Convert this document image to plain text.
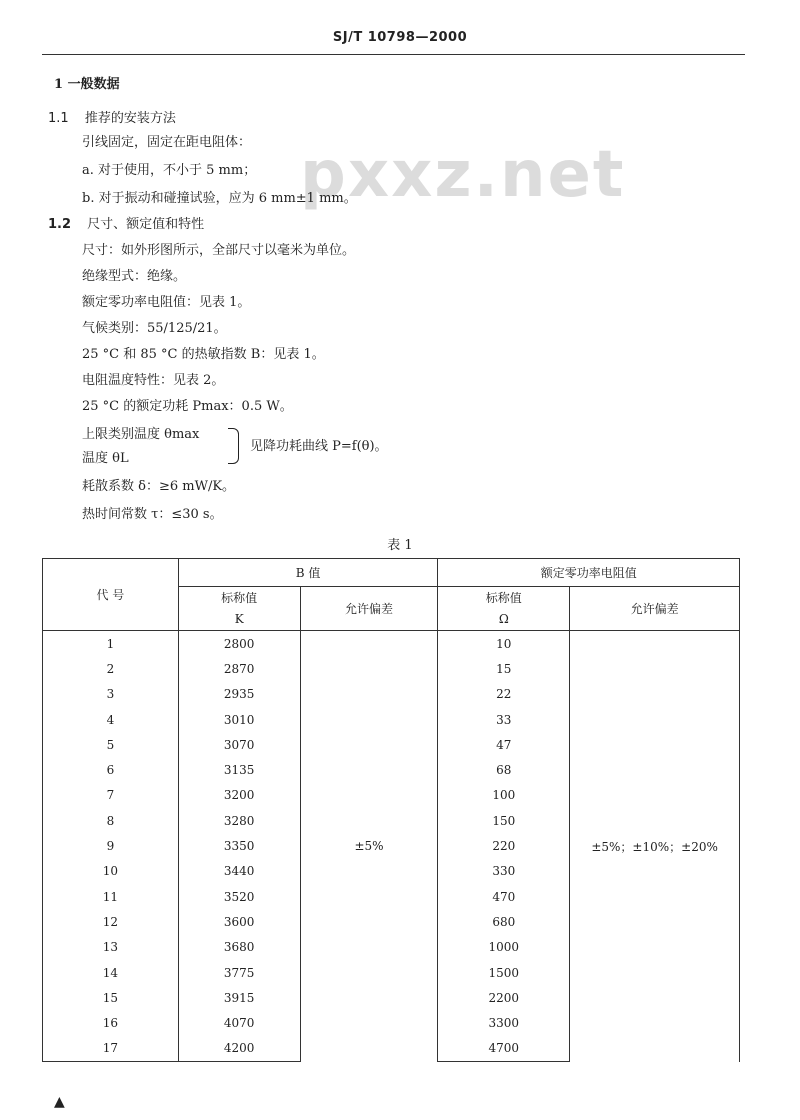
SJ/T 10798—2000
pxxz.net
1 一般数据
1.1 推荐的安装方法
引线固定，固定在距电阻体：
a. 对于使用，不小于 5 mm；
b. 对于振动和碰撞试验，应为 6 mm±1 mm。
1.2 尺寸、额定值和特性
尺寸：如外形图所示，全部尺寸以毫米为单位。
绝缘型式：绝缘。
额定零功率电阻值：见表 1。
气候类别：55/125/21。
25 °C 和 85 °C 的热敏指数 B：见表 1。
电阻温度特性：见表 2。
25 °C 的额定功耗 Pmax：0.5 W。
上限类别温度 θmax
温度 θL
见降功耗曲线 P=f(θ)。
耗散系数 δ：≥6 mW/K。
热时间常数 τ：≤30 s。
表 1
代 号	B 值		额定零功率电阻值	
	标称值	允许偏差	标称值	允许偏差
	K		Ω	
1	2800	±5%	10	±5%；±10%；±20%
2	2870		15	
3	2935		22	
4	3010		33	
5	3070		47	
6	3135		68	
7	3200		100	
8	3280		150	
9	3350		220	
10	3440		330	
11	3520		470	
12	3600		680	
13	3680		1000	
14	3775		1500	
15	3915		2200	
16	4070		3300	
17	4200		4700	
▲
